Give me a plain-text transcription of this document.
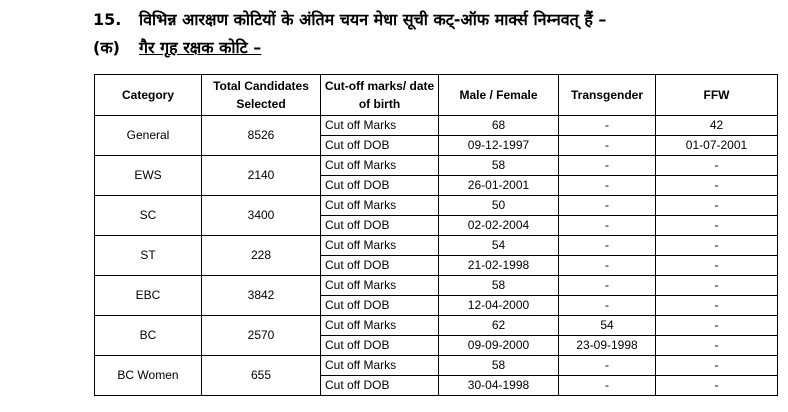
15. विभिन्न आरक्षण कोटियों के अंतिम चयन मेधा सूची कट्-ऑफ मार्क्स निम्नवत् हैं –
(क) गैर गृह रक्षक कोटि –
Category	Total Candidates Selected	Cut-off marks/ date of birth	Male / Female	Transgender	FFW
General	8526	Cut off Marks	68	-	42
		Cut off DOB	09-12-1997	-	01-07-2001
EWS	2140	Cut off Marks	58	-	-
		Cut off DOB	26-01-2001	-	-
SC	3400	Cut off Marks	50	-	-
		Cut off DOB	02-02-2004	-	-
ST	228	Cut off Marks	54	-	-
		Cut off DOB	21-02-1998	-	-
EBC	3842	Cut off Marks	58	-	-
		Cut off DOB	12-04-2000	-	-
BC	2570	Cut off Marks	62	54	-
		Cut off DOB	09-09-2000	23-09-1998	-
BC Women	655	Cut off Marks	58	-	-
		Cut off DOB	30-04-1998	-	-
